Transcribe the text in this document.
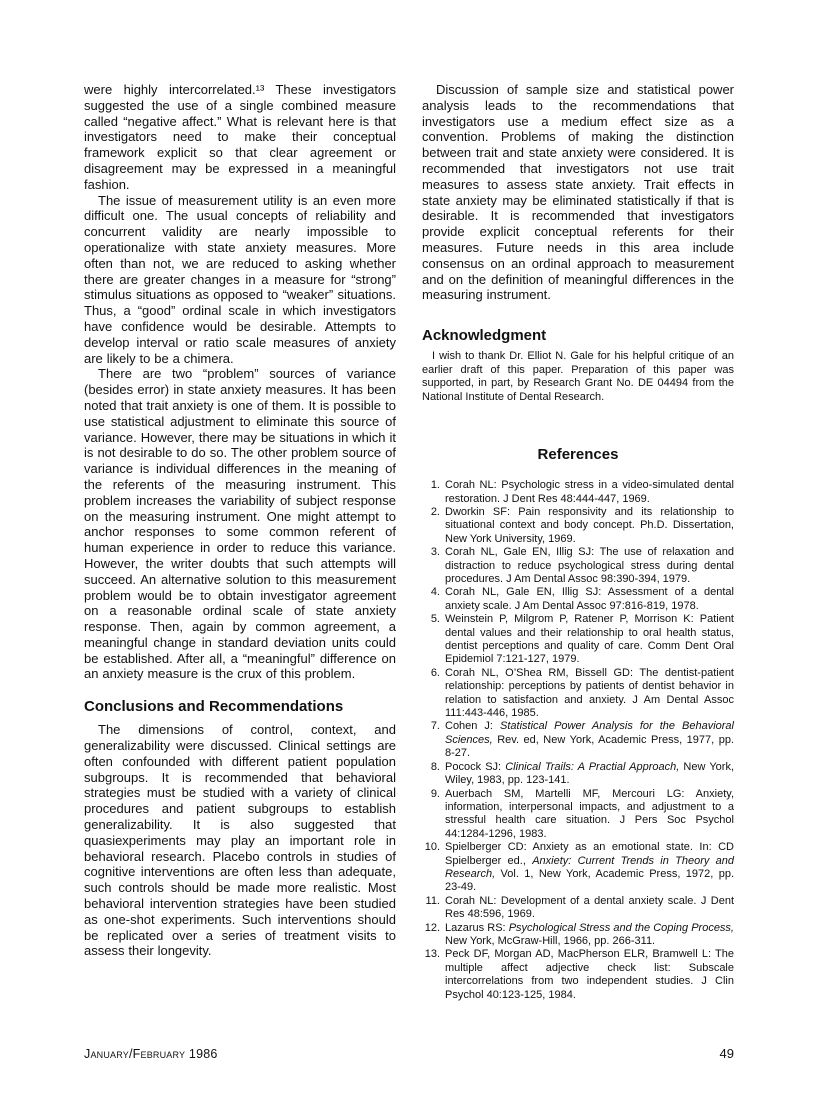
were highly intercorrelated.¹³ These investigators suggested the use of a single combined measure called “negative affect.” What is relevant here is that investigators need to make their conceptual framework explicit so that clear agreement or disagreement may be expressed in a meaningful fashion.

The issue of measurement utility is an even more difficult one. The usual concepts of reliability and concurrent validity are nearly impossible to operationalize with state anxiety measures. More often than not, we are reduced to asking whether there are greater changes in a measure for “strong” stimulus situations as opposed to “weaker” situations. Thus, a “good” ordinal scale in which investigators have confidence would be desirable. Attempts to develop interval or ratio scale measures of anxiety are likely to be a chimera.

There are two “problem” sources of variance (besides error) in state anxiety measures. It has been noted that trait anxiety is one of them. It is possible to use statistical adjustment to eliminate this source of variance. However, there may be situations in which it is not desirable to do so. The other problem source of variance is individual differences in the meaning of the referents of the measuring instrument. This problem increases the variability of subject response on the measuring instrument. One might attempt to anchor responses to some common referent of human experience in order to reduce this variance. However, the writer doubts that such attempts will succeed. An alternative solution to this measurement problem would be to obtain investigator agreement on a reasonable ordinal scale of state anxiety response. Then, again by common agreement, a meaningful change in standard deviation units could be established. After all, a “meaningful” difference on an anxiety measure is the crux of this problem.

Conclusions and Recommendations

The dimensions of control, context, and generalizability were discussed. Clinical settings are often confounded with different patient population subgroups. It is recommended that behavioral strategies must be studied with a variety of clinical procedures and patient subgroups to establish generalizability. It is also suggested that quasiexperiments may play an important role in behavioral research. Placebo controls in studies of cognitive interventions are often less than adequate, such controls should be made more realistic. Most behavioral intervention strategies have been studied as one-shot experiments. Such interventions should be replicated over a series of treatment visits to assess their longevity.

Discussion of sample size and statistical power analysis leads to the recommendations that investigators use a medium effect size as a convention. Problems of making the distinction between trait and state anxiety were considered. It is recommended that investigators not use trait measures to assess state anxiety. Trait effects in state anxiety may be eliminated statistically if that is desirable. It is recommended that investigators provide explicit conceptual referents for their measures. Future needs in this area include consensus on an ordinal approach to measurement and on the definition of meaningful differences in the measuring instrument.

Acknowledgment

I wish to thank Dr. Elliot N. Gale for his helpful critique of an earlier draft of this paper. Preparation of this paper was supported, in part, by Research Grant No. DE 04494 from the National Institute of Dental Research.

References
1. Corah NL: Psychologic stress in a video-simulated dental restoration. J Dent Res 48:444-447, 1969.
2. Dworkin SF: Pain responsivity and its relationship to situational context and body concept. Ph.D. Dissertation, New York University, 1969.
3. Corah NL, Gale EN, Illig SJ: The use of relaxation and distraction to reduce psychological stress during dental procedures. J Am Dental Assoc 98:390-394, 1979.
4. Corah NL, Gale EN, Illig SJ: Assessment of a dental anxiety scale. J Am Dental Assoc 97:816-819, 1978.
5. Weinstein P, Milgrom P, Ratener P, Morrison K: Patient dental values and their relationship to oral health status, dentist perceptions and quality of care. Comm Dent Oral Epidemiol 7:121-127, 1979.
6. Corah NL, O’Shea RM, Bissell GD: The dentist-patient relationship: perceptions by patients of dentist behavior in relation to satisfaction and anxiety. J Am Dental Assoc 111:443-446, 1985.
7. Cohen J: Statistical Power Analysis for the Behavioral Sciences, Rev. ed, New York, Academic Press, 1977, pp. 8-27.
8. Pocock SJ: Clinical Trails: A Practial Approach, New York, Wiley, 1983, pp. 123-141.
9. Auerbach SM, Martelli MF, Mercouri LG: Anxiety, information, interpersonal impacts, and adjustment to a stressful health care situation. J Pers Soc Psychol 44:1284-1296, 1983.
10. Spielberger CD: Anxiety as an emotional state. In: CD Spielberger ed., Anxiety: Current Trends in Theory and Research, Vol. 1, New York, Academic Press, 1972, pp. 23-49.
11. Corah NL: Development of a dental anxiety scale. J Dent Res 48:596, 1969.
12. Lazarus RS: Psychological Stress and the Coping Process, New York, McGraw-Hill, 1966, pp. 266-311.
13. Peck DF, Morgan AD, MacPherson ELR, Bramwell L: The multiple affect adjective check list: Subscale intercorrelations from two independent studies. J Clin Psychol 40:123-125, 1984.
January/February 1986	49
